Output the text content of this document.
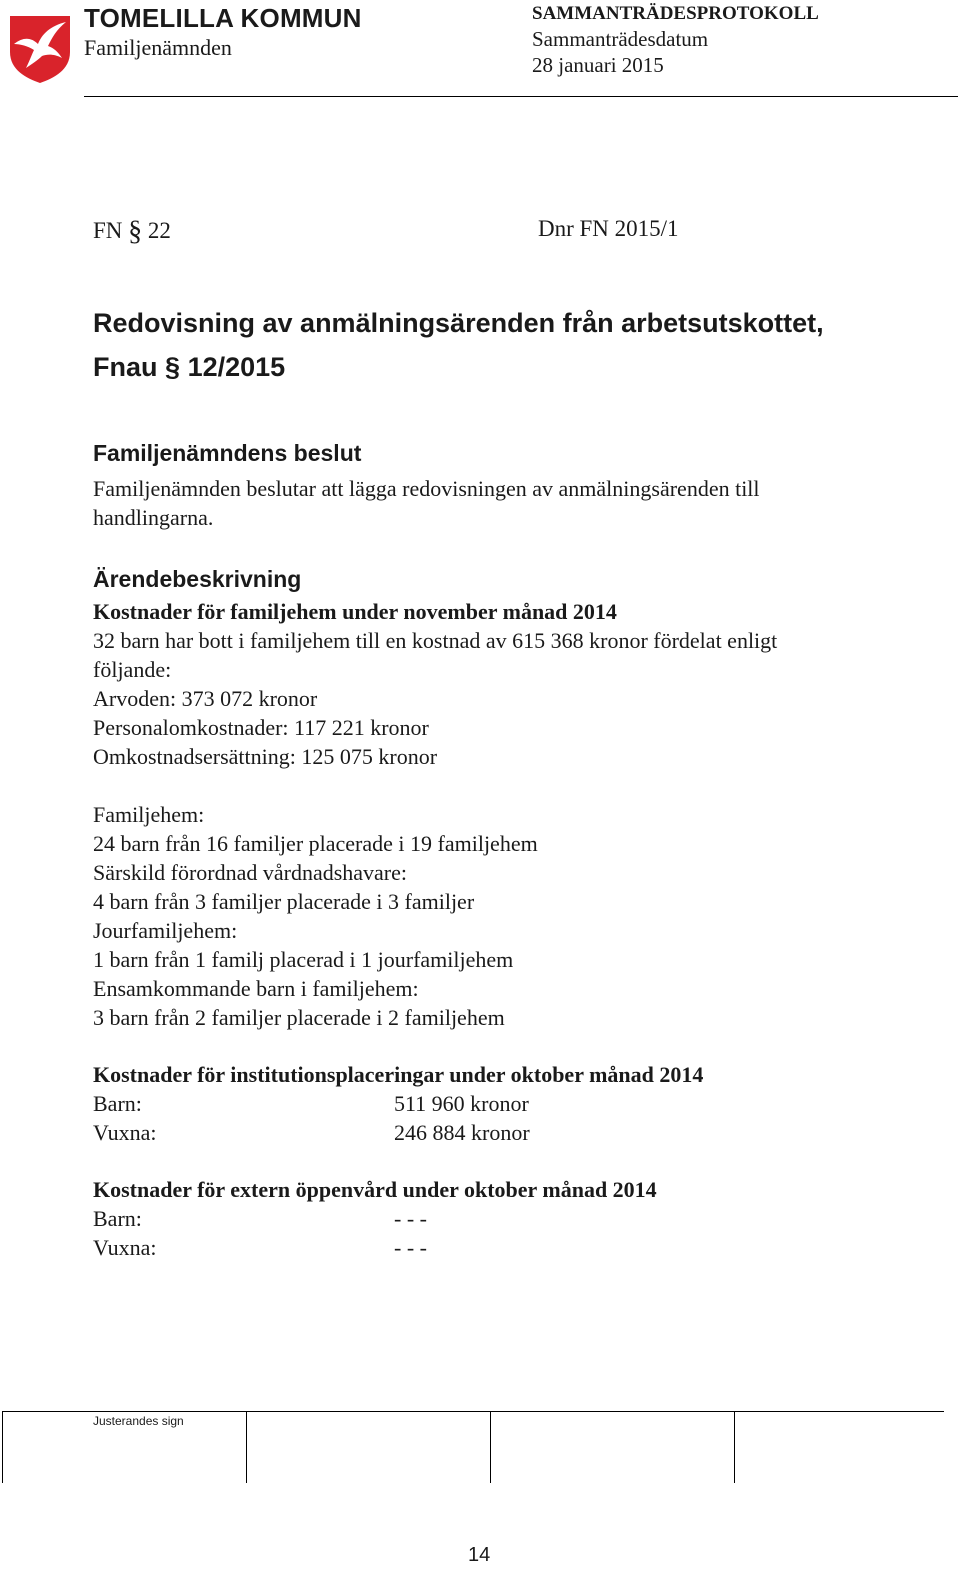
TOMELILLA KOMMUN
Familjenämnden
SAMMANTRÄDESPROTOKOLL
Sammanträdesdatum
28 januari 2015
FN § 22	Dnr FN 2015/1
Redovisning av anmälningsärenden från arbetsutskottet,
Fnau § 12/2015
Familjenämndens beslut
Familjenämnden beslutar att lägga redovisningen av anmälningsärenden till handlingarna.
Ärendebeskrivning
Kostnader för familjehem under november månad 2014
32 barn har bott i familjehem till en kostnad av 615 368 kronor fördelat enligt
följande:
Arvoden: 373 072 kronor
Personalomkostnader: 117 221 kronor
Omkostnadsersättning: 125 075 kronor
Familjehem:
24 barn från 16 familjer placerade i 19 familjehem
Särskild förordnad vårdnadshavare:
4 barn från 3 familjer placerade i 3 familjer
Jourfamiljehem:
1 barn från 1 familj placerad i 1 jourfamiljehem
Ensamkommande barn i familjehem:
3 barn från 2 familjer placerade i 2 familjehem
Kostnader för institutionsplaceringar under oktober månad 2014
Barn:	511 960 kronor
Vuxna:	246 884 kronor
Kostnader för extern öppenvård under oktober månad 2014
Barn:	- - -
Vuxna:	- - -
Justerandes sign
14
